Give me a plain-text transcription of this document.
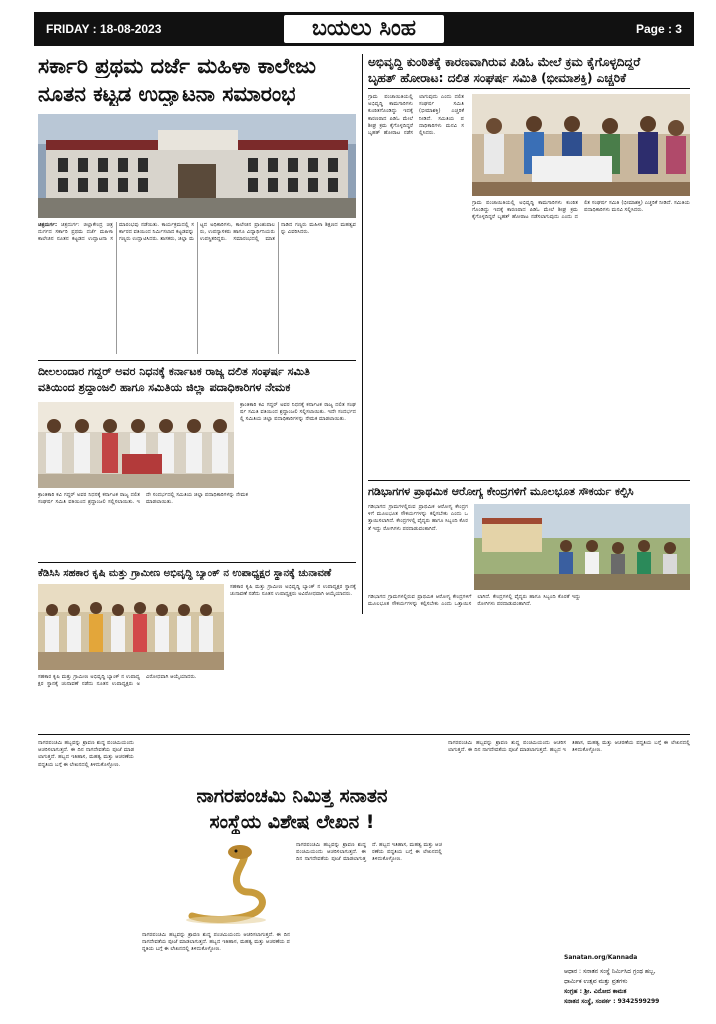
FRIDAY : 18-08-2023	ಬಯಲು ಸಿಂಹ	Page : 3
ಸರ್ಕಾರಿ ಪ್ರಥಮ ದರ್ಜೆ ಮಹಿಳಾ ಕಾಲೇಜು
ನೂತನ ಕಟ್ಟಡ ಉದ್ಘಾಟನಾ ಸಮಾರಂಭ
ಚಿತ್ರದುರ್ಗ: ಚಿತ್ರದುರ್ಗ: ಜಿಲ್ಲಾಕೇಂದ್ರ ಚಿತ್ರದುರ್ಗದ ಸರ್ಕಾರಿ ಪ್ರಥಮ ದರ್ಜೆ ಮಹಿಳಾ ಕಾಲೇಜಿನ ನೂತನ ಕಟ್ಟಡದ ಉದ್ಘಾಟನಾ ಸಮಾರಂಭವು ನಡೆಯಿತು. ಕಾರ್ಯಕ್ರಮದಲ್ಲಿ ಸರ್ಕಾರದ ವತಿಯಿಂದ ನಿರ್ಮಿಸಲಾದ ಕಟ್ಟಡವನ್ನು ಗಣ್ಯರು ಉದ್ಘಾಟಿಸಿದರು. ಶಾಸಕರು, ಜಿಲ್ಲಾ ಮಟ್ಟದ ಅಧಿಕಾರಿಗಳು, ಕಾಲೇಜಿನ ಪ್ರಾಂಶುಪಾಲರು, ಉಪನ್ಯಾಸಕರು ಹಾಗೂ ವಿದ್ಯಾರ್ಥಿನಿಯರು ಉಪಸ್ಥಿತರಿದ್ದರು. ಸಮಾರಂಭದಲ್ಲಿ ಮಾತನಾಡಿದ ಗಣ್ಯರು ಮಹಿಳಾ ಶಿಕ್ಷಣದ ಮಹತ್ವವನ್ನು ವಿವರಿಸಿದರು.
ಅಭಿವೃದ್ಧಿ ಕುಂಠಿತಕ್ಕೆ ಕಾರಣವಾಗಿರುವ ಪಿಡಿಓ ಮೇಲೆ ಕ್ರಮ ಕೈಗೊಳ್ಳದಿದ್ದರೆ
ಬೃಹತ್ ಹೋರಾಟ: ದಲಿತ ಸಂಘರ್ಷ ಸಮಿತಿ (ಭೀಮಾಶಕ್ತಿ) ಎಚ್ಚರಿಕೆ
ಗ್ರಾಮ ಪಂಚಾಯಿತಿಯಲ್ಲಿ ಅಭಿವೃದ್ಧಿ ಕಾಮಗಾರಿಗಳು ಕುಂಠಿತಗೊಂಡಿದ್ದು ಇದಕ್ಕೆ ಕಾರಣರಾದ ಪಿಡಿಓ ಮೇಲೆ ಶೀಘ್ರ ಕ್ರಮ ಕೈಗೊಳ್ಳದಿದ್ದರೆ ಬೃಹತ್ ಹೋರಾಟ ನಡೆಸಲಾಗುವುದು ಎಂದು ದಲಿತ ಸಂಘರ್ಷ ಸಮಿತಿ (ಭೀಮಾಶಕ್ತಿ) ಎಚ್ಚರಿಕೆ ನೀಡಿದೆ. ಸಮಿತಿಯ ಪದಾಧಿಕಾರಿಗಳು ಮನವಿ ಸಲ್ಲಿಸಿದರು.
ಗ್ರಾಮ ಪಂಚಾಯಿತಿಯಲ್ಲಿ ಅಭಿವೃದ್ಧಿ ಕಾಮಗಾರಿಗಳು ಕುಂಠಿತಗೊಂಡಿದ್ದು ಇದಕ್ಕೆ ಕಾರಣರಾದ ಪಿಡಿಓ ಮೇಲೆ ಶೀಘ್ರ ಕ್ರಮ ಕೈಗೊಳ್ಳದಿದ್ದರೆ ಬೃಹತ್ ಹೋರಾಟ ನಡೆಸಲಾಗುವುದು ಎಂದು ದಲಿತ ಸಂಘರ್ಷ ಸಮಿತಿ (ಭೀಮಾಶಕ್ತಿ) ಎಚ್ಚರಿಕೆ ನೀಡಿದೆ. ಸಮಿತಿಯ ಪದಾಧಿಕಾರಿಗಳು ಮನವಿ ಸಲ್ಲಿಸಿದರು.
ದೀಲಲಂದಾರ ಗದ್ದರ್ ಅವರ ನಿಧನಕ್ಕೆ ಕರ್ನಾಟಕ ರಾಜ್ಯ ದಲಿತ ಸಂಘರ್ಷ ಸಮಿತಿ
ವತಿಯಿಂದ ಶ್ರದ್ಧಾಂಜಲಿ ಹಾಗೂ ಸಮಿತಿಯ ಜಿಲ್ಲಾ ಪದಾಧಿಕಾರಿಗಳ ನೇಮಕ
ಕ್ರಾಂತಿಕಾರಿ ಕವಿ ಗದ್ದರ್ ಅವರ ನಿಧನಕ್ಕೆ ಕರ್ನಾಟಕ ರಾಜ್ಯ ದಲಿತ ಸಂಘರ್ಷ ಸಮಿತಿ ವತಿಯಿಂದ ಶ್ರದ್ಧಾಂಜಲಿ ಸಲ್ಲಿಸಲಾಯಿತು. ಇದೇ ಸಂದರ್ಭದಲ್ಲಿ ಸಮಿತಿಯ ಜಿಲ್ಲಾ ಪದಾಧಿಕಾರಿಗಳನ್ನು ನೇಮಕ ಮಾಡಲಾಯಿತು.
ಕ್ರಾಂತಿಕಾರಿ ಕವಿ ಗದ್ದರ್ ಅವರ ನಿಧನಕ್ಕೆ ಕರ್ನಾಟಕ ರಾಜ್ಯ ದಲಿತ ಸಂಘರ್ಷ ಸಮಿತಿ ವತಿಯಿಂದ ಶ್ರದ್ಧಾಂಜಲಿ ಸಲ್ಲಿಸಲಾಯಿತು. ಇದೇ ಸಂದರ್ಭದಲ್ಲಿ ಸಮಿತಿಯ ಜಿಲ್ಲಾ ಪದಾಧಿಕಾರಿಗಳನ್ನು ನೇಮಕ ಮಾಡಲಾಯಿತು.
ಗಡಿಭಾಗಗಳ ಪ್ರಾಥಮಿಕ ಆರೋಗ್ಯ ಕೇಂದ್ರಗಳಿಗೆ ಮೂಲಭೂತ ಸೌಕರ್ಯ ಕಲ್ಪಿಸಿ
ಗಡಿಭಾಗದ ಗ್ರಾಮಗಳಲ್ಲಿರುವ ಪ್ರಾಥಮಿಕ ಆರೋಗ್ಯ ಕೇಂದ್ರಗಳಿಗೆ ಮೂಲಭೂತ ಸೌಕರ್ಯಗಳನ್ನು ಕಲ್ಪಿಸಬೇಕು ಎಂದು ಒತ್ತಾಯಿಸಲಾಗಿದೆ. ಕೇಂದ್ರಗಳಲ್ಲಿ ವೈದ್ಯರು ಹಾಗೂ ಸಿಬ್ಬಂದಿ ಕೊರತೆ ಇದ್ದು ರೋಗಿಗಳು ಪರದಾಡುವಂತಾಗಿದೆ.
ಗಡಿಭಾಗದ ಗ್ರಾಮಗಳಲ್ಲಿರುವ ಪ್ರಾಥಮಿಕ ಆರೋಗ್ಯ ಕೇಂದ್ರಗಳಿಗೆ ಮೂಲಭೂತ ಸೌಕರ್ಯಗಳನ್ನು ಕಲ್ಪಿಸಬೇಕು ಎಂದು ಒತ್ತಾಯಿಸಲಾಗಿದೆ. ಕೇಂದ್ರಗಳಲ್ಲಿ ವೈದ್ಯರು ಹಾಗೂ ಸಿಬ್ಬಂದಿ ಕೊರತೆ ಇದ್ದು ರೋಗಿಗಳು ಪರದಾಡುವಂತಾಗಿದೆ.
ಕೆಡಿಸಿಸಿ ಸಹಕಾರ ಕೃಷಿ ಮತ್ತು ಗ್ರಾಮೀಣ ಅಭಿವೃದ್ಧಿ ಬ್ಯಾಂಕ್ ನ ಉಪಾಧ್ಯಕ್ಷರ ಸ್ಥಾನಕ್ಕೆ ಚುನಾವಣೆ
ಸಹಕಾರ ಕೃಷಿ ಮತ್ತು ಗ್ರಾಮೀಣ ಅಭಿವೃದ್ಧಿ ಬ್ಯಾಂಕ್ ನ ಉಪಾಧ್ಯಕ್ಷರ ಸ್ಥಾನಕ್ಕೆ ಚುನಾವಣೆ ನಡೆದು ನೂತನ ಉಪಾಧ್ಯಕ್ಷರು ಅವಿರೋಧವಾಗಿ ಆಯ್ಕೆಯಾದರು.
ಸಹಕಾರ ಕೃಷಿ ಮತ್ತು ಗ್ರಾಮೀಣ ಅಭಿವೃದ್ಧಿ ಬ್ಯಾಂಕ್ ನ ಉಪಾಧ್ಯಕ್ಷರ ಸ್ಥಾನಕ್ಕೆ ಚುನಾವಣೆ ನಡೆದು ನೂತನ ಉಪಾಧ್ಯಕ್ಷರು ಅವಿರೋಧವಾಗಿ ಆಯ್ಕೆಯಾದರು.
ನಾಗರಪಂಚಮಿ ಹಬ್ಬವನ್ನು ಶ್ರಾವಣ ಶುದ್ಧ ಪಂಚಮಿಯಂದು ಆಚರಿಸಲಾಗುತ್ತದೆ. ಈ ದಿನ ನಾಗದೇವತೆಯ ಪೂಜೆ ಮಾಡಲಾಗುತ್ತದೆ. ಹಬ್ಬದ ಇತಿಹಾಸ, ಮಹತ್ವ ಮತ್ತು ಆಚರಣೆಯ ಪದ್ಧತಿಯ ಬಗ್ಗೆ ಈ ಲೇಖನದಲ್ಲಿ ತಿಳಿದುಕೊಳ್ಳೋಣ.
ನಾಗರಪಂಚಮಿ ನಿಮಿತ್ತ ಸನಾತನ
ಸಂಸ್ಥೆಯ ವಿಶೇಷ ಲೇಖನ !
ನಾಗರಪಂಚಮಿ ಹಬ್ಬವನ್ನು ಶ್ರಾವಣ ಶುದ್ಧ ಪಂಚಮಿಯಂದು ಆಚರಿಸಲಾಗುತ್ತದೆ. ಈ ದಿನ ನಾಗದೇವತೆಯ ಪೂಜೆ ಮಾಡಲಾಗುತ್ತದೆ. ಹಬ್ಬದ ಇತಿಹಾಸ, ಮಹತ್ವ ಮತ್ತು ಆಚರಣೆಯ ಪದ್ಧತಿಯ ಬಗ್ಗೆ ಈ ಲೇಖನದಲ್ಲಿ ತಿಳಿದುಕೊಳ್ಳೋಣ.
ನಾಗರಪಂಚಮಿ ಹಬ್ಬವನ್ನು ಶ್ರಾವಣ ಶುದ್ಧ ಪಂಚಮಿಯಂದು ಆಚರಿಸಲಾಗುತ್ತದೆ. ಈ ದಿನ ನಾಗದೇವತೆಯ ಪೂಜೆ ಮಾಡಲಾಗುತ್ತದೆ. ಹಬ್ಬದ ಇತಿಹಾಸ, ಮಹತ್ವ ಮತ್ತು ಆಚರಣೆಯ ಪದ್ಧತಿಯ ಬಗ್ಗೆ ಈ ಲೇಖನದಲ್ಲಿ ತಿಳಿದುಕೊಳ್ಳೋಣ.
ನಾಗರಪಂಚಮಿ ಹಬ್ಬವನ್ನು ಶ್ರಾವಣ ಶುದ್ಧ ಪಂಚಮಿಯಂದು ಆಚರಿಸಲಾಗುತ್ತದೆ. ಈ ದಿನ ನಾಗದೇವತೆಯ ಪೂಜೆ ಮಾಡಲಾಗುತ್ತದೆ. ಹಬ್ಬದ ಇತಿಹಾಸ, ಮಹತ್ವ ಮತ್ತು ಆಚರಣೆಯ ಪದ್ಧತಿಯ ಬಗ್ಗೆ ಈ ಲೇಖನದಲ್ಲಿ ತಿಳಿದುಕೊಳ್ಳೋಣ.
Sanatan.org/Kannada
ಆಧಾರ : ಸನಾತನ ಸಂಸ್ಥೆ ನಿರ್ಮಿಸಿದ ಗ್ರಂಥ ಹಬ್ಬ,
ಧಾರ್ಮಿಕ ಉತ್ಸವ ಮತ್ತು ವ್ರತಗಳು
ಸಂಗ್ರಹ : ಶ್ರೀ. ವಿನೋದ ಕಾಮತ
ಸನಾತನ ಸಂಸ್ಥೆ, ಸಂಪರ್ಕ : 9342599299
